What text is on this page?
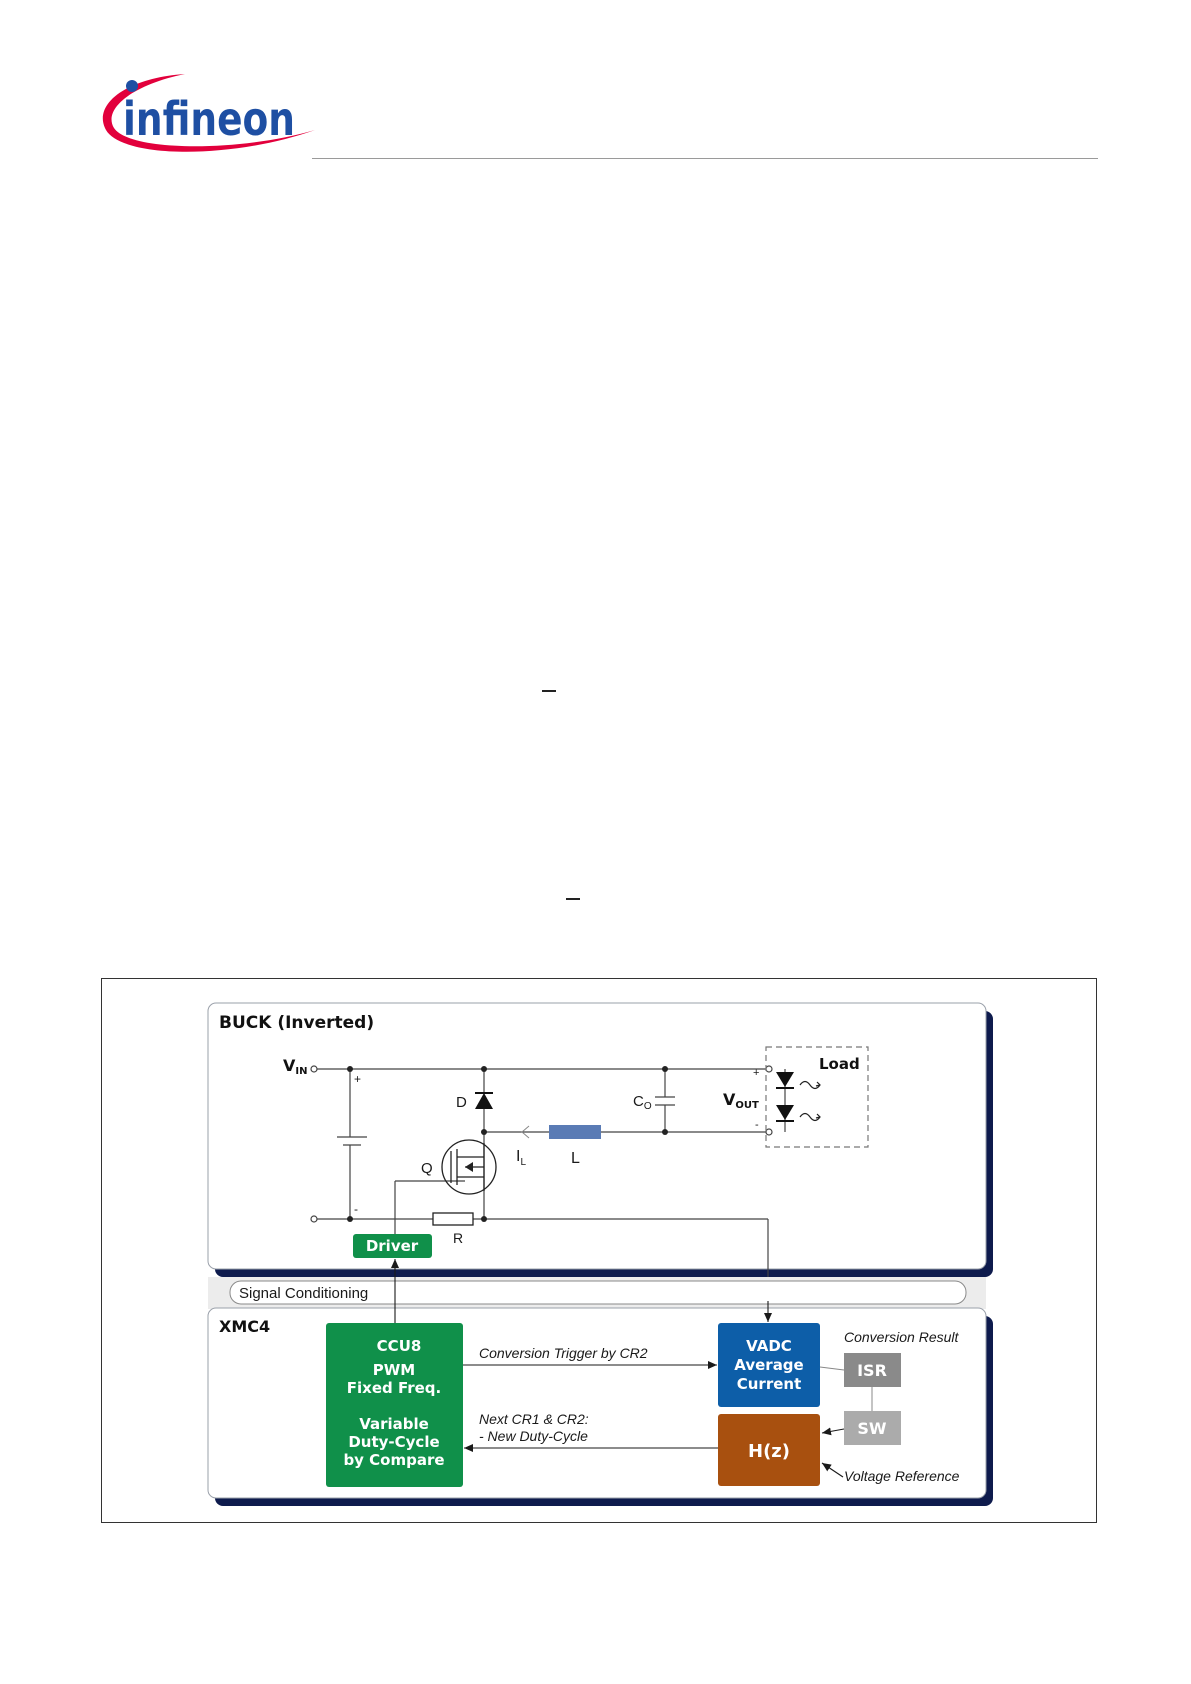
infineon
BUCK (Inverted)
D
L
$I_L$
$C_O$
Q
R
VIN
VOUT
+
-
+
-
Load
Driver
Signal Conditioning
XMC4
CCU8
PWM
Fixed Freq.
Variable
Duty-Cycle
by Compare
VADC
Average
Current
H(z)
ISR
SW
Conversion Trigger by CR2
Next CR1 & CR2:
- New Duty-Cycle
Conversion Result
Voltage Reference
